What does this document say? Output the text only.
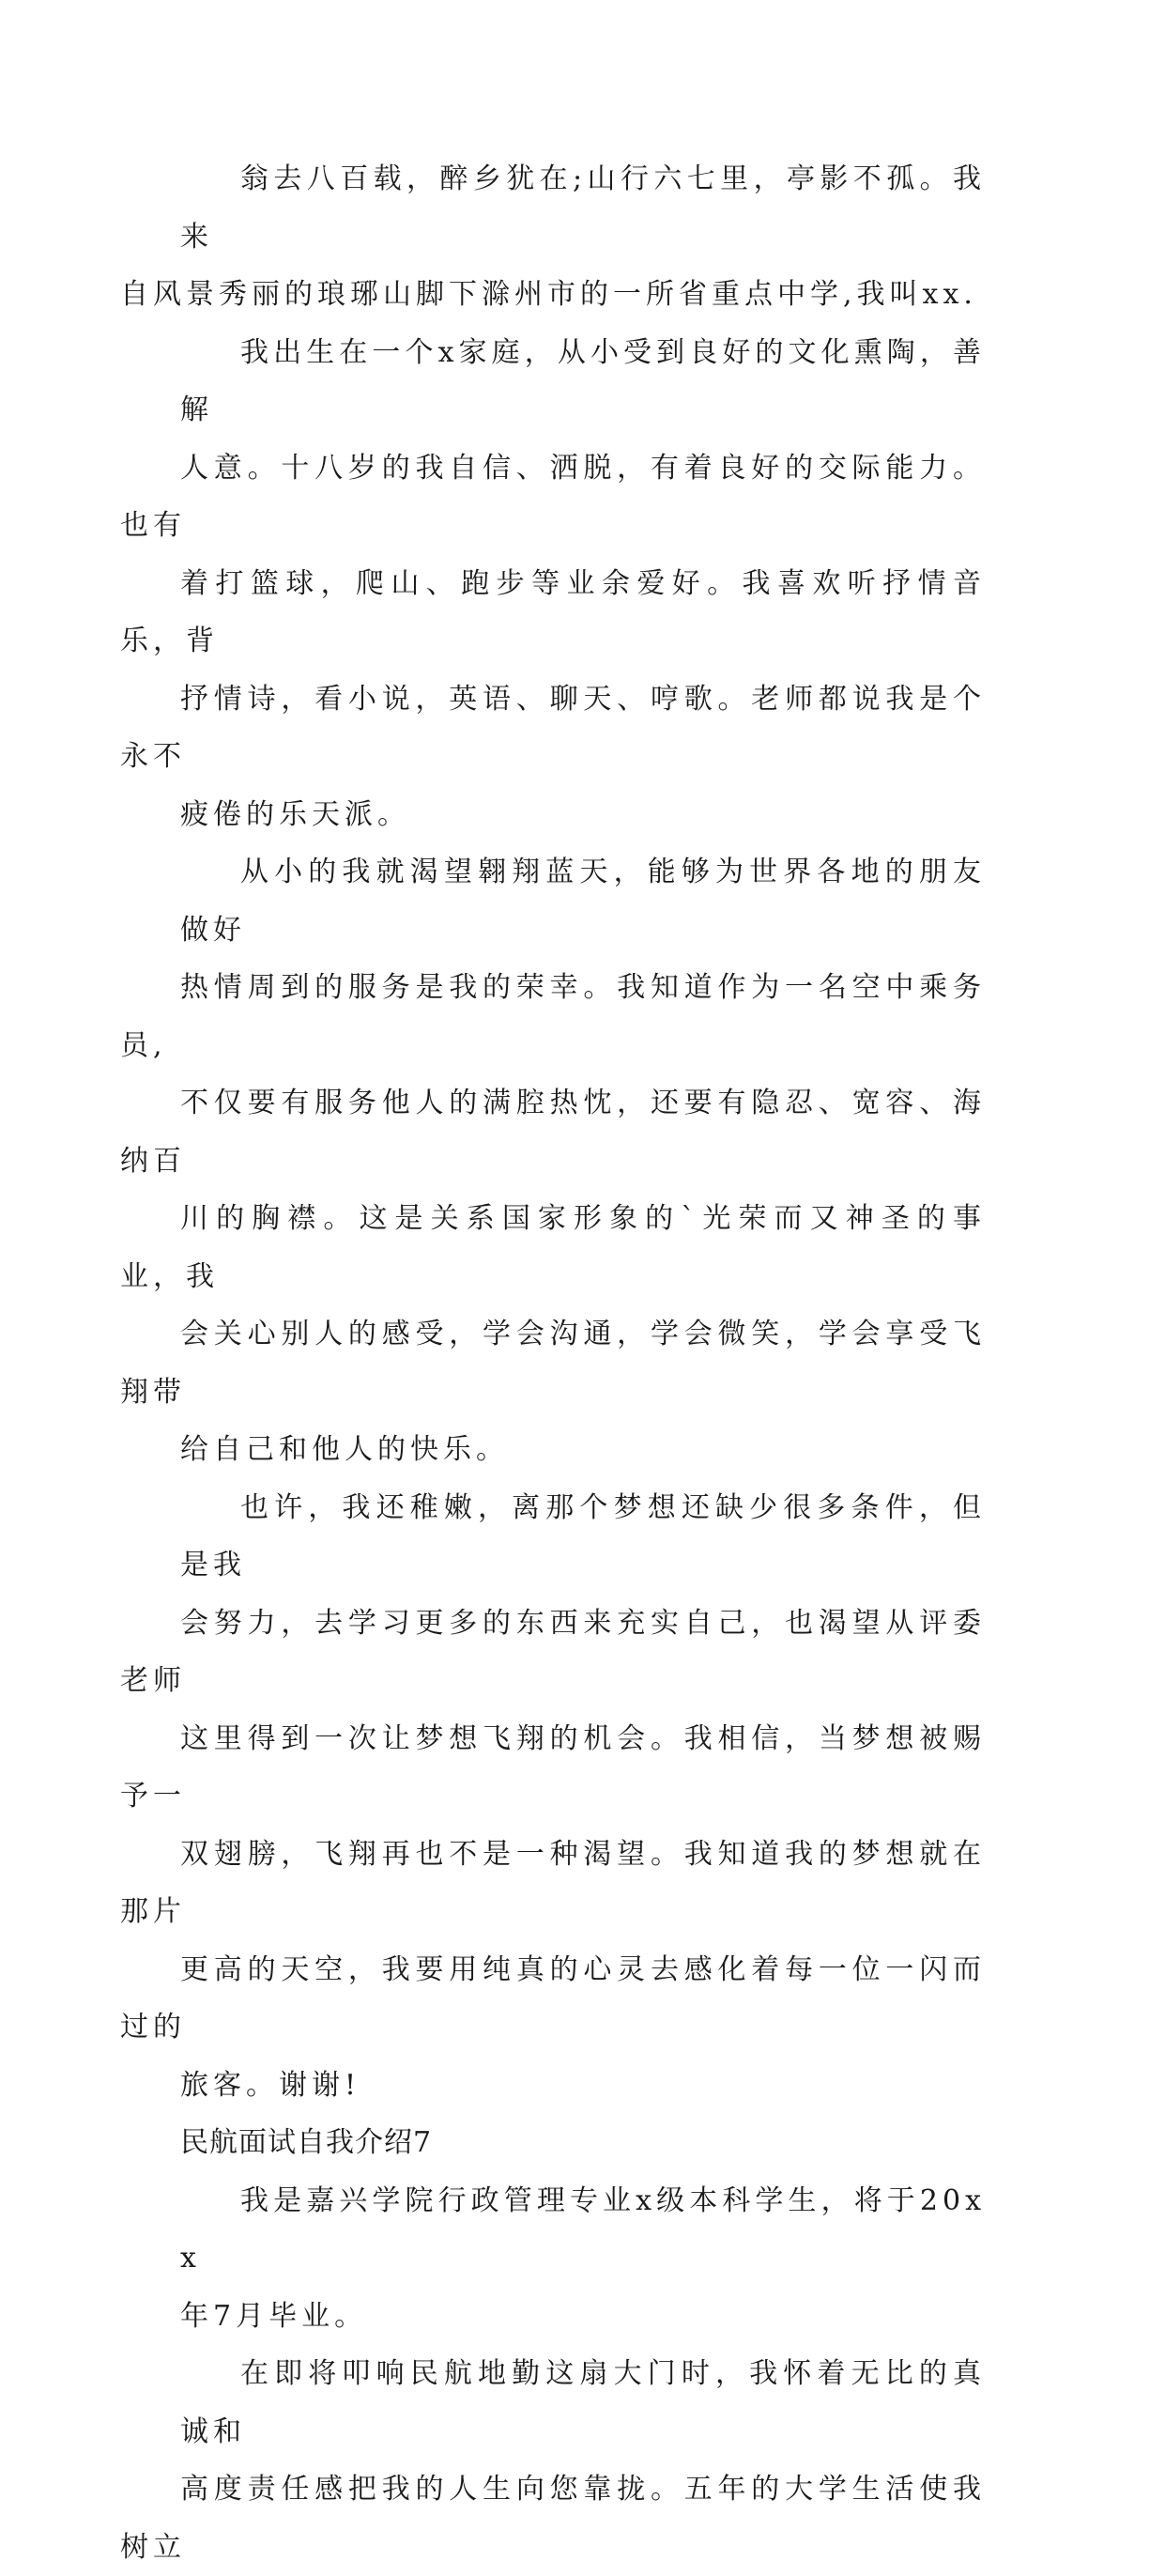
翁去八百载，醉乡犹在;山行六七里，亭影不孤。我来
自风景秀丽的琅琊山脚下滁州市的一所省重点中学,我叫xx.
我出生在一个x家庭，从小受到良好的文化熏陶，善解
人意。十八岁的我自信、洒脱，有着良好的交际能力。也有
着打篮球，爬山、跑步等业余爱好。我喜欢听抒情音乐，背
抒情诗，看小说，英语、聊天、哼歌。老师都说我是个永不
疲倦的乐天派。
从小的我就渴望翱翔蓝天，能够为世界各地的朋友做好
热情周到的服务是我的荣幸。我知道作为一名空中乘务员,
不仅要有服务他人的满腔热忱，还要有隐忍、宽容、海纳百
川的胸襟。这是关系国家形象的`光荣而又神圣的事业，我
会关心别人的感受，学会沟通，学会微笑，学会享受飞翔带
给自己和他人的快乐。
也许，我还稚嫩，离那个梦想还缺少很多条件，但是我
会努力，去学习更多的东西来充实自己，也渴望从评委老师
这里得到一次让梦想飞翔的机会。我相信，当梦想被赐予一
双翅膀，飞翔再也不是一种渴望。我知道我的梦想就在那片
更高的天空，我要用纯真的心灵去感化着每一位一闪而过的
旅客。谢谢!
民航面试自我介绍7
我是嘉兴学院行政管理专业x级本科学生，将于20xx
年7月毕业。
在即将叩响民航地勤这扇大门时，我怀着无比的真诚和
高度责任感把我的人生向您靠拢。五年的大学生活使我树立
